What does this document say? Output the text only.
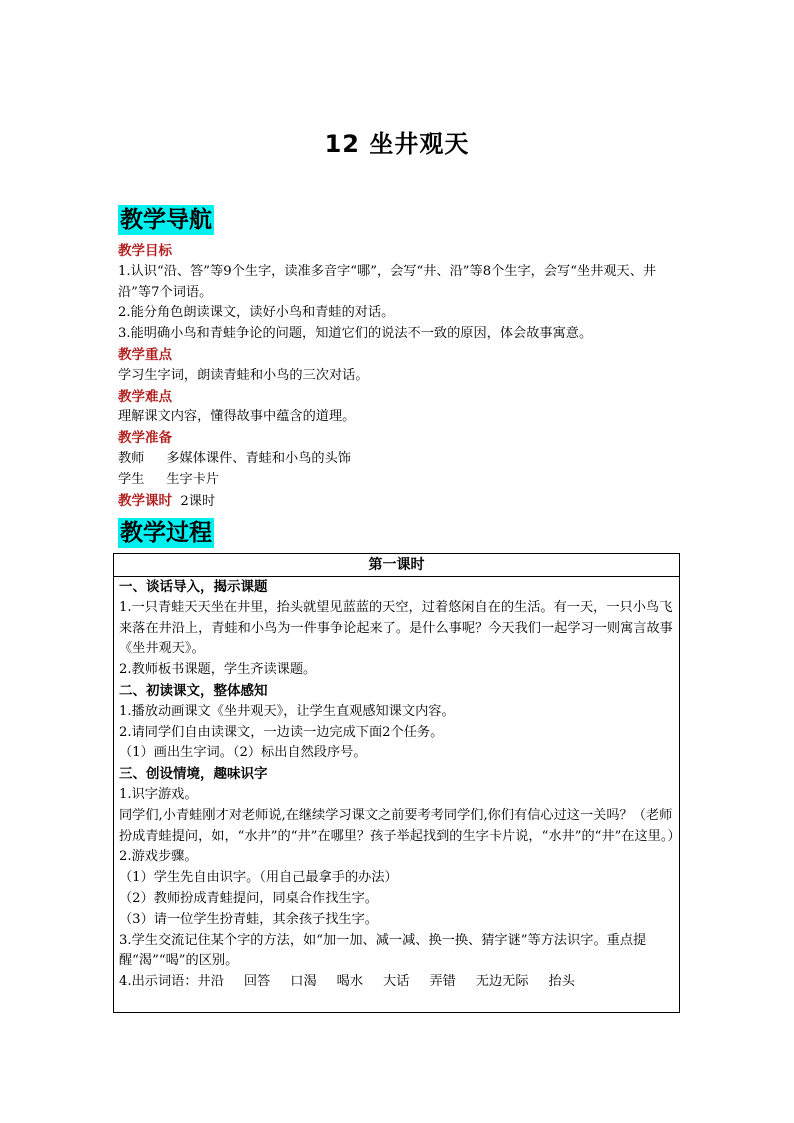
12 坐井观天
教学导航

教学目标

1.认识“沿、答”等9个生字，读准多音字“哪”，会写“井、沿”等8个生字，会写“坐井观天、井沿”等7个词语。

2.能分角色朗读课文，读好小鸟和青蛙的对话。

3.能明确小鸟和青蛙争论的问题，知道它们的说法不一致的原因，体会故事寓意。

教学重点

学习生字词，朗读青蛙和小鸟的三次对话。

教学难点

理解课文内容，懂得故事中蕴含的道理。

教学准备

教师 多媒体课件、青蛙和小鸟的头饰

学生 生字卡片

教学课时 2课时

教学过程
第一课时

一、谈话导入，揭示课题

1.一只青蛙天天坐在井里，抬头就望见蓝蓝的天空，过着悠闲自在的生活。有一天，一只小鸟飞来落在井沿上，青蛙和小鸟为一件事争论起来了。是什么事呢？今天我们一起学习一则寓言故事《坐井观天》。

2.教师板书课题，学生齐读课题。

二、初读课文，整体感知

1.播放动画课文《坐井观天》，让学生直观感知课文内容。

2.请同学们自由读课文，一边读一边完成下面2个任务。

（1）画出生字词。（2）标出自然段序号。

三、创设情境，趣味识字

1.识字游戏。

同学们,小青蛙刚才对老师说,在继续学习课文之前要考考同学们,你们有信心过这一关吗？（老师扮成青蛙提问，如，“水井”的“井”在哪里？孩子举起找到的生字卡片说，“水井”的“井”在这里。）

2.游戏步骤。

（1）学生先自由识字。（用自己最拿手的办法）

（2）教师扮成青蛙提问，同桌合作找生字。

（3）请一位学生扮青蛙，其余孩子找生字。

3.学生交流记住某个字的方法，如“加一加、减一减、换一换、猜字谜”等方法识字。重点提醒“渴”“喝”的区别。

4.出示词语：井沿 回答 口渴 喝水 大话 弄错 无边无际 抬头
